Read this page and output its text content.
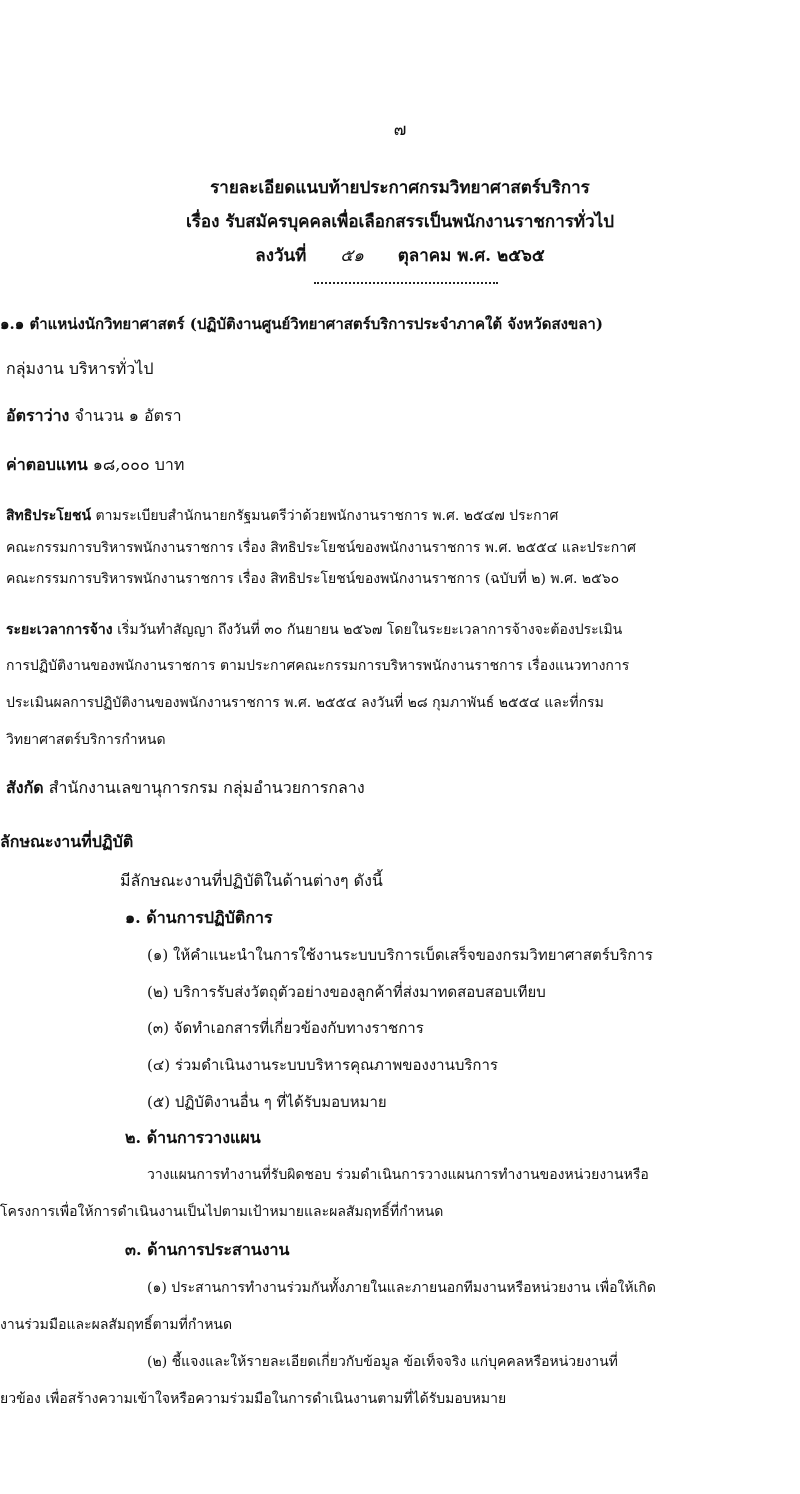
๗
รายละเอียดแนบท้ายประกาศกรมวิทยาศาสตร์บริการ
เรื่อง รับสมัครบุคคลเพื่อเลือกสรรเป็นพนักงานราชการทั่วไป
ลงวันที่ ๕๑ ตุลาคม พ.ศ. ๒๕๖๕
๑.๑ ตำแหน่งนักวิทยาศาสตร์ (ปฏิบัติงานศูนย์วิทยาศาสตร์บริการประจำภาคใต้ จังหวัดสงขลา)
กลุ่มงาน บริหารทั่วไป
อัตราว่าง จำนวน ๑ อัตรา
ค่าตอบแทน ๑๘,๐๐๐ บาท
สิทธิประโยชน์ ตามระเบียบสำนักนายกรัฐมนตรีว่าด้วยพนักงานราชการ พ.ศ. ๒๕๔๗ ประกาศ
คณะกรรมการบริหารพนักงานราชการ เรื่อง สิทธิประโยชน์ของพนักงานราชการ พ.ศ. ๒๕๕๔ และประกาศ
คณะกรรมการบริหารพนักงานราชการ เรื่อง สิทธิประโยชน์ของพนักงานราชการ (ฉบับที่ ๒) พ.ศ. ๒๕๖๐
ระยะเวลาการจ้าง เริ่มวันทำสัญญา ถึงวันที่ ๓๐ กันยายน ๒๕๖๗ โดยในระยะเวลาการจ้างจะต้องประเมิน
การปฏิบัติงานของพนักงานราชการ ตามประกาศคณะกรรมการบริหารพนักงานราชการ เรื่องแนวทางการ
ประเมินผลการปฏิบัติงานของพนักงานราชการ พ.ศ. ๒๕๕๔ ลงวันที่ ๒๘ กุมภาพันธ์ ๒๕๕๔ และที่กรม
วิทยาศาสตร์บริการกำหนด
สังกัด สำนักงานเลขานุการกรม กลุ่มอำนวยการกลาง
ลักษณะงานที่ปฏิบัติ
มีลักษณะงานที่ปฏิบัติในด้านต่างๆ ดังนี้
๑. ด้านการปฏิบัติการ
(๑) ให้คำแนะนำในการใช้งานระบบบริการเบ็ดเสร็จของกรมวิทยาศาสตร์บริการ
(๒) บริการรับส่งวัตถุตัวอย่างของลูกค้าที่ส่งมาทดสอบสอบเทียบ
(๓) จัดทำเอกสารที่เกี่ยวข้องกับทางราชการ
(๔) ร่วมดำเนินงานระบบบริหารคุณภาพของงานบริการ
(๕) ปฏิบัติงานอื่น ๆ ที่ได้รับมอบหมาย
๒. ด้านการวางแผน
วางแผนการทำงานที่รับผิดชอบ ร่วมดำเนินการวางแผนการทำงานของหน่วยงานหรือ
โครงการเพื่อให้การดำเนินงานเป็นไปตามเป้าหมายและผลสัมฤทธิ์ที่กำหนด
๓. ด้านการประสานงาน
(๑) ประสานการทำงานร่วมกันทั้งภายในและภายนอกทีมงานหรือหน่วยงาน เพื่อให้เกิด
งานร่วมมือและผลสัมฤทธิ์ตามที่กำหนด
(๒) ชี้แจงและให้รายละเอียดเกี่ยวกับข้อมูล ข้อเท็จจริง แก่บุคคลหรือหน่วยงานที่
ยวข้อง เพื่อสร้างความเข้าใจหรือความร่วมมือในการดำเนินงานตามที่ได้รับมอบหมาย
